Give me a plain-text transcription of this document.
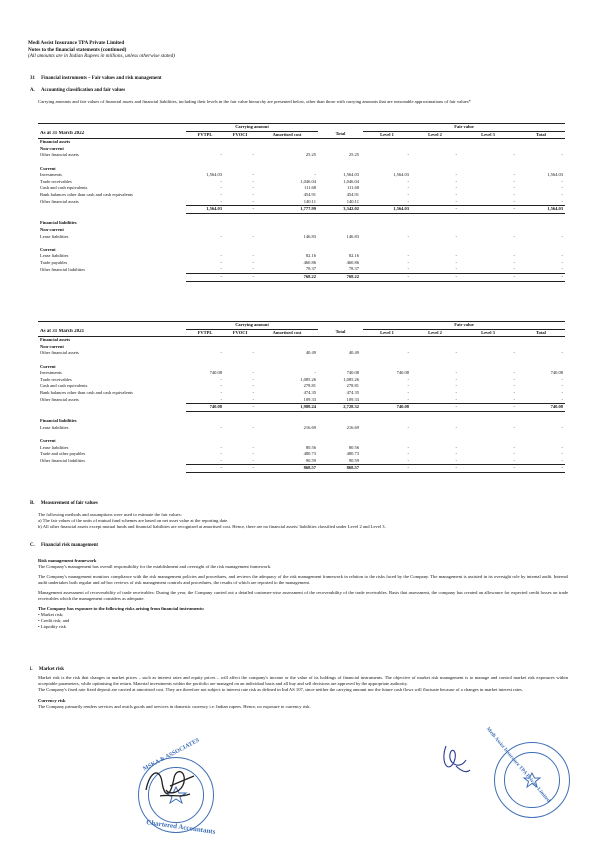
Medi Assist Insurance TPA Private Limited
Notes to the financial statements (continued)
(All amounts are in Indian Rupees in millions, unless otherwise stated)
31 Financial instruments – Fair values and risk management
A. Accounting classification and fair values
Carrying amounts and fair values of financial assets and financial liabilities, including their levels in the fair value hierarchy are presented below, other than those with carrying amounts that are reasonable approximations of fair values*
	Carrying amount				Fair value			
As at 31 March 2022	FVTPL	FVOCI	Amortised cost	Total	Level 1	Level 2	Level 3	Total
Financial assets								
Non-current								
Other financial assets	-	-	25.25	25.25	-	-	-	-

Current								
Investments	1,564.03	-	-	1,564.03	1,564.03	-	-	1,564.03
Trade receivables	-	-	1,046.04	1,046.04	-	-	-	-
Cash and cash equivalents	-	-	111.68	111.68	-	-	-	-
Bank balances other than cash and cash equivalents	-	-	454.91	454.91	-	-	-	-
Other financial assets	-	-	140.11	140.11	-	-	-	-
	1,564.03	-	1,777.99	3,342.02	1,564.03	-	-	1,564.03

Financial liabilities								
Non-current								
Lease liabilities	-	-	146.83	146.83	-	-	-	-

Current								
Lease liabilities	-	-	82.16	82.16	-	-	-	-
Trade payables	-	-	460.86	460.86	-	-	-	-
Other financial liabilities	-	-	78.37	78.37	-	-	-	-
	-	-	768.22	768.22	-	-	-	-
	Carrying amount				Fair value			
As at 31 March 2021	FVTPL	FVOCI	Amortised cost	Total	Level 1	Level 2	Level 3	Total
Financial assets								
Non-current								
Other financial assets	-	-	40.49	40.49	-	-	-	-

Current								
Investments	740.08	-	-	740.08	740.08	-	-	740.08
Trade receivables	-	-	1,085.26	1,085.26	-	-	-	-
Cash and cash equivalents	-	-	278.81	278.81	-	-	-	-
Bank balances other than cash and cash equivalents	-	-	474.35	474.35	-	-	-	-
Other financial assets	-	-	109.33	109.33	-	-	-	-
	740.08	-	1,988.24	2,728.32	740.08	-	-	740.08

Financial liabilities								
Lease liabilities	-	-	216.69	216.69	-	-	-	-

Current								
Lease liabilities	-	-	80.56	80.56	-	-	-	-
Trade and other payables	-	-	480.73	480.73	-	-	-	-
Other financial liabilities	-	-	90.59	90.59	-	-	-	-
	-	-	868.57	868.57	-	-	-	-
B. Measurement of fair values
The following methods and assumptions were used to estimate the fair values:
a) The fair values of the units of mutual fund schemes are based on net asset value at the reporting date.
b) All other financial assets except mutual funds and financial liabilities are recognised at amortised cost. Hence, there are no financial assets/ liabilities classified under Level 2 and Level 3.
C. Financial risk management
Risk management framework
The Company's management has overall responsibility for the establishment and oversight of the risk management framework.
The Company's management monitors compliance with the risk management policies and procedures, and reviews the adequacy of the risk management framework in relation to the risks faced by the Company. The management is assisted in its oversight role by internal audit. Internal audit undertakes both regular and ad-hoc reviews of risk management controls and procedures, the results of which are reported to the management.
Management assessment of recoverability of trade receivables: During the year, the Company carried out a detailed customer-wise assessment of the recoverability of the trade receivables. Basis that assessment, the company has created an allowance for expected credit losses on trade receivables which the management considers as adequate.
The Company has exposure to the following risks arising from financial instruments:
• Market risk;
• Credit risk; and
• Liquidity risk
i. Market risk
Market risk is the risk that changes in market prices – such as interest rates and equity prices – will affect the company's income or the value of its holdings of financial instruments. The objective of market risk management is to manage and control market risk exposures within acceptable parameters, while optimising the return. Material investments within the portfolio are managed on an individual basis and all buy and sell decisions are approved by the appropriate authority.
The Company's fixed rate fixed deposit are carried at amortised cost. They are therefore not subject to interest rate risk as defined in Ind AS 107, since neither the carrying amount nor the future cash flows will fluctuate because of a changes in market interest rates.
Currency risk
The Company primarily renders services and avails goods and services in domestic currency i.e. Indian rupees. Hence, no exposure to currency risk.
MSKA & ASSOCIATES
Chartered Accountants
Medi Assist Insurance TPA Private Limited
